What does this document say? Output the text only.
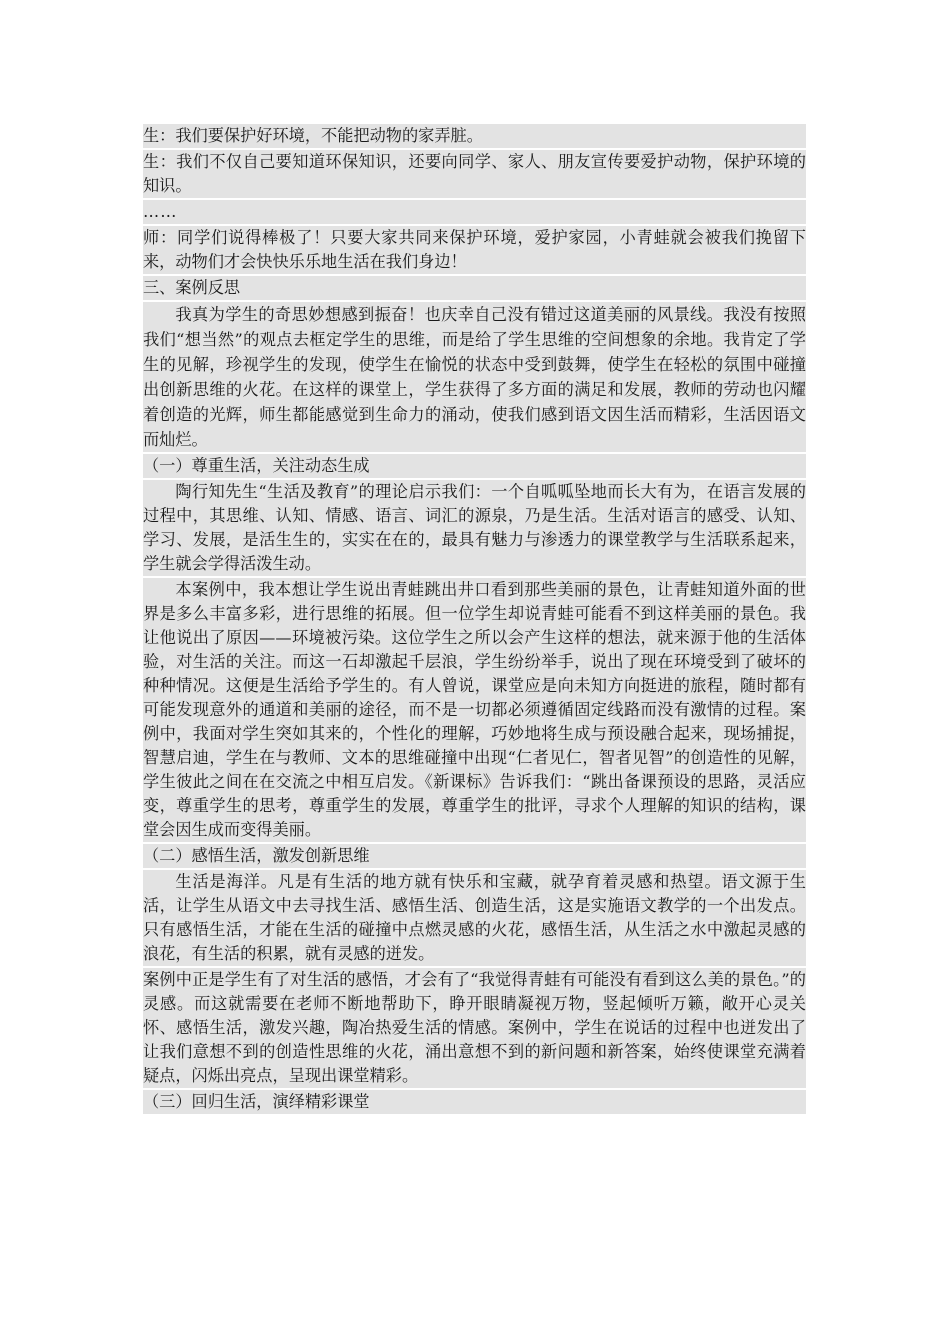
生：我们要保护好环境，不能把动物的家弄脏。
生：我们不仅自己要知道环保知识，还要向同学、家人、朋友宣传要爱护动物，保护环境的知识。
……
师：同学们说得棒极了！只要大家共同来保护环境，爱护家园，小青蛙就会被我们挽留下来，动物们才会快快乐乐地生活在我们身边！
三、案例反思
我真为学生的奇思妙想感到振奋！也庆幸自己没有错过这道美丽的风景线。我没有按照我们“想当然”的观点去框定学生的思维，而是给了学生思维的空间想象的余地。我肯定了学生的见解，珍视学生的发现，使学生在愉悦的状态中受到鼓舞，使学生在轻松的氛围中碰撞出创新思维的火花。在这样的课堂上，学生获得了多方面的满足和发展，教师的劳动也闪耀着创造的光辉，师生都能感觉到生命力的涌动，使我们感到语文因生活而精彩，生活因语文而灿烂。
（一）尊重生活，关注动态生成
陶行知先生“生活及教育”的理论启示我们：一个自呱呱坠地而长大有为，在语言发展的过程中，其思维、认知、情感、语言、词汇的源泉，乃是生活。生活对语言的感受、认知、学习、发展，是活生生的，实实在在的，最具有魅力与渗透力的课堂教学与生活联系起来，学生就会学得活泼生动。
本案例中，我本想让学生说出青蛙跳出井口看到那些美丽的景色，让青蛙知道外面的世界是多么丰富多彩，进行思维的拓展。但一位学生却说青蛙可能看不到这样美丽的景色。我让他说出了原因——环境被污染。这位学生之所以会产生这样的想法，就来源于他的生活体验，对生活的关注。而这一石却激起千层浪，学生纷纷举手，说出了现在环境受到了破坏的种种情况。这便是生活给予学生的。有人曾说，课堂应是向未知方向挺进的旅程，随时都有可能发现意外的通道和美丽的途径，而不是一切都必须遵循固定线路而没有激情的过程。案例中，我面对学生突如其来的，个性化的理解，巧妙地将生成与预设融合起来，现场捕捉，智慧启迪，学生在与教师、文本的思维碰撞中出现“仁者见仁，智者见智”的创造性的见解，学生彼此之间在在交流之中相互启发。《新课标》告诉我们：“跳出备课预设的思路，灵活应变，尊重学生的思考，尊重学生的发展，尊重学生的批评，寻求个人理解的知识的结构，课堂会因生成而变得美丽。
（二）感悟生活，激发创新思维
生活是海洋。凡是有生活的地方就有快乐和宝藏，就孕育着灵感和热望。语文源于生活，让学生从语文中去寻找生活、感悟生活、创造生活，这是实施语文教学的一个出发点。只有感悟生活，才能在生活的碰撞中点燃灵感的火花，感悟生活，从生活之水中激起灵感的浪花，有生活的积累，就有灵感的迸发。
案例中正是学生有了对生活的感悟，才会有了“我觉得青蛙有可能没有看到这么美的景色。”的灵感。而这就需要在老师不断地帮助下，睁开眼睛凝视万物，竖起倾听万籁，敞开心灵关怀、感悟生活，激发兴趣，陶冶热爱生活的情感。案例中，学生在说话的过程中也迸发出了让我们意想不到的创造性思维的火花，涌出意想不到的新问题和新答案，始终使课堂充满着疑点，闪烁出亮点，呈现出课堂精彩。
（三）回归生活，演绎精彩课堂
